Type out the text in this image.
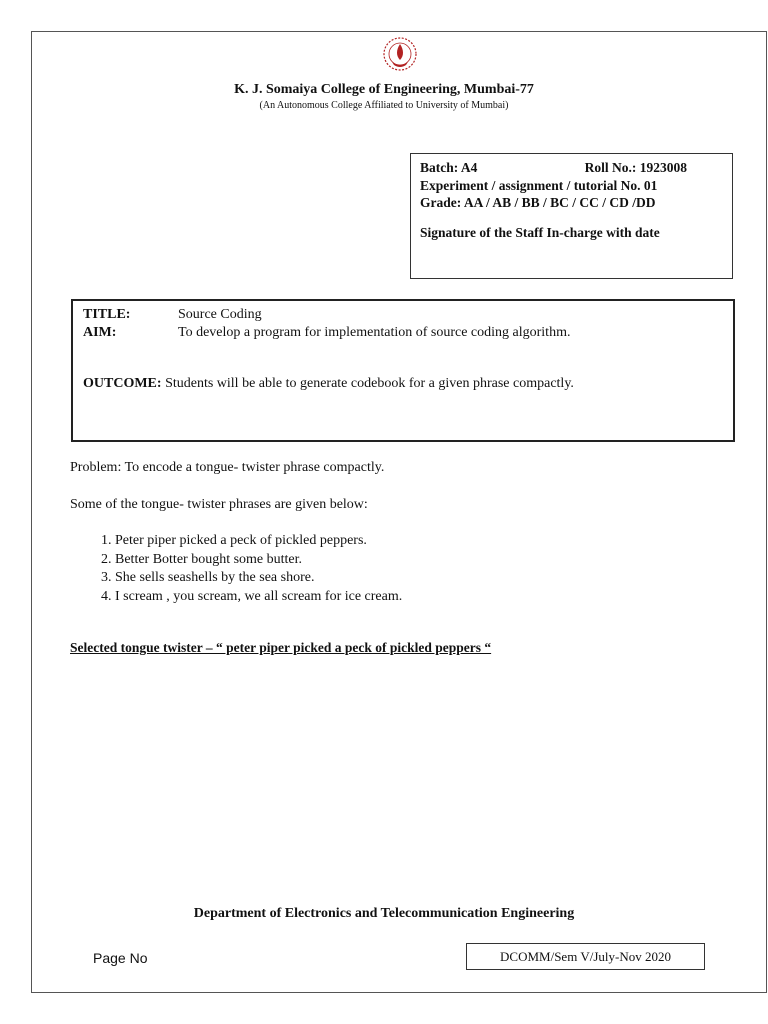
K. J. Somaiya College of Engineering, Mumbai-77
(An Autonomous College Affiliated to University of Mumbai)
Batch: A4	Roll No.: 1923008
Experiment / assignment / tutorial No. 01
Grade: AA / AB / BB / BC / CC / CD /DD
Signature of the Staff In-charge with date
TITLE:	Source Coding
AIM:	To develop a program for implementation of source coding algorithm.
OUTCOME: Students will be able to generate codebook for a given phrase compactly.
Problem: To encode a tongue- twister phrase compactly.
Some of the tongue- twister phrases are given below:
1. Peter piper picked a peck of pickled peppers.
2. Better Botter bought some butter.
3. She sells seashells by the sea shore.
4. I scream , you scream, we all scream for ice cream.
Selected tongue twister – “ peter piper picked a peck of pickled peppers “
Department of Electronics and Telecommunication Engineering
Page No	DCOMM/Sem V/July-Nov 2020
